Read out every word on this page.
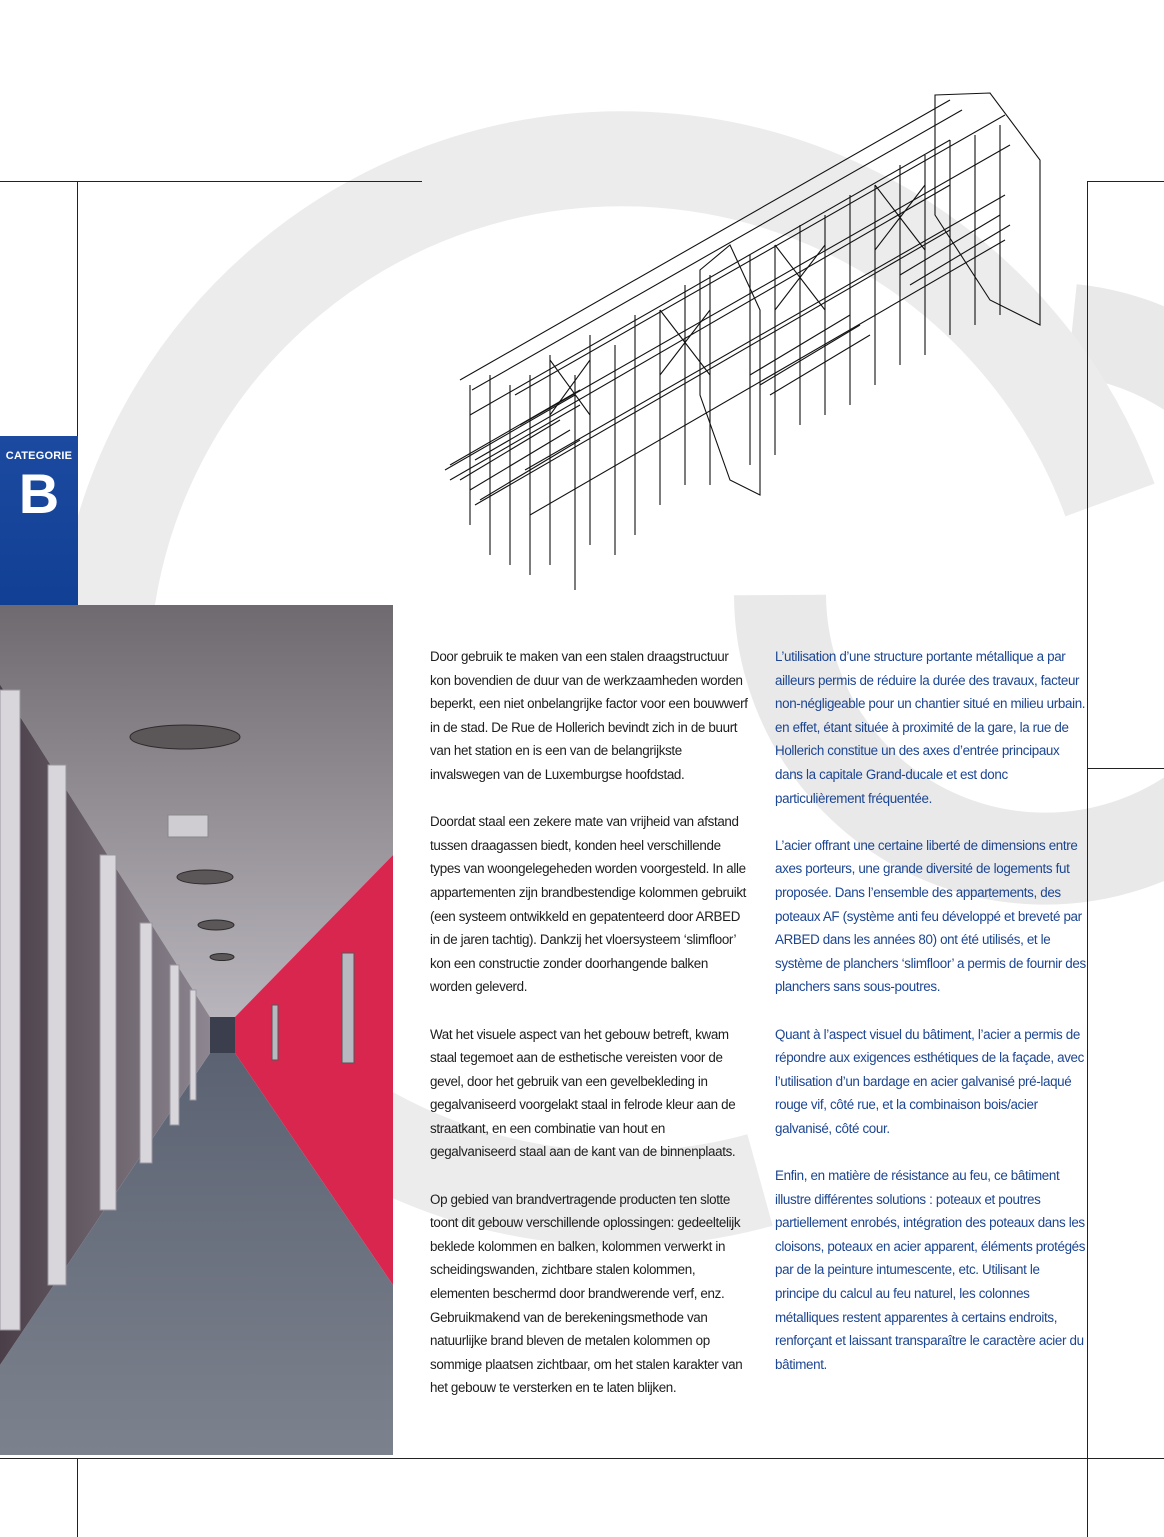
CATEGORIE
B

Door gebruik te maken van een stalen draagstructuur kon bovendien de duur van de werkzaamheden worden beperkt, een niet onbelangrijke factor voor een bouwwerf in de stad. De Rue de Hollerich bevindt zich in de buurt van het station en is een van de belangrijkste invalswegen van de Luxemburgse hoofdstad.

Doordat staal een zekere mate van vrijheid van afstand tussen draagassen biedt, konden heel verschillende types van woongelegeheden worden voorgesteld. In alle appartementen zijn brandbestendige kolommen gebruikt (een systeem ontwikkeld en gepatenteerd door ARBED in de jaren tachtig). Dankzij het vloersysteem ‘slimfloor’ kon een constructie zonder doorhangende balken worden geleverd.

Wat het visuele aspect van het gebouw betreft, kwam staal tegemoet aan de esthetische vereisten voor de gevel, door het gebruik van een gevelbekleding in gegalvaniseerd voorgelakt staal in felrode kleur aan de straatkant, en een combinatie van hout en gegalvaniseerd staal aan de kant van de binnenplaats.

Op gebied van brandvertragende producten ten slotte toont dit gebouw verschillende oplossingen: gedeeltelijk beklede kolommen en balken, kolommen verwerkt in scheidingswanden, zichtbare stalen kolommen, elementen beschermd door brandwerende verf, enz. Gebruikmakend van de berekeningsmethode van natuurlijke brand bleven de metalen kolommen op sommige plaatsen zichtbaar, om het stalen karakter van het gebouw te versterken en te laten blijken.

L’utilisation d’une structure portante métallique a par ailleurs permis de réduire la durée des travaux, facteur non-négligeable pour un chantier situé en milieu urbain. en effet, étant située à proximité de la gare, la rue de Hollerich constitue un des axes d’entrée principaux dans la capitale Grand-ducale et est donc particulièrement fréquentée.

L’acier offrant une certaine liberté de dimensions entre axes porteurs, une grande diversité de logements fut proposée. Dans l’ensemble des appartements, des poteaux AF (système anti feu développé et breveté par ARBED dans les années 80) ont été utilisés, et le système de planchers ‘slimfloor’ a permis de fournir des planchers sans sous-poutres.

Quant à l’aspect visuel du bâtiment, l’acier a permis de répondre aux exigences esthétiques de la façade, avec l’utilisation d’un bardage en acier galvanisé pré-laqué rouge vif, côté rue, et la combinaison bois/acier galvanisé, côté cour.

Enfin, en matière de résistance au feu, ce bâtiment illustre différentes solutions : poteaux et poutres partiellement enrobés, intégration des poteaux dans les cloisons, poteaux en acier apparent, éléments protégés par de la peinture intumescente, etc. Utilisant le principe du calcul au feu naturel, les colonnes métalliques restent apparentes à certains endroits, renforçant et laissant transparaître le caractère acier du bâtiment.
